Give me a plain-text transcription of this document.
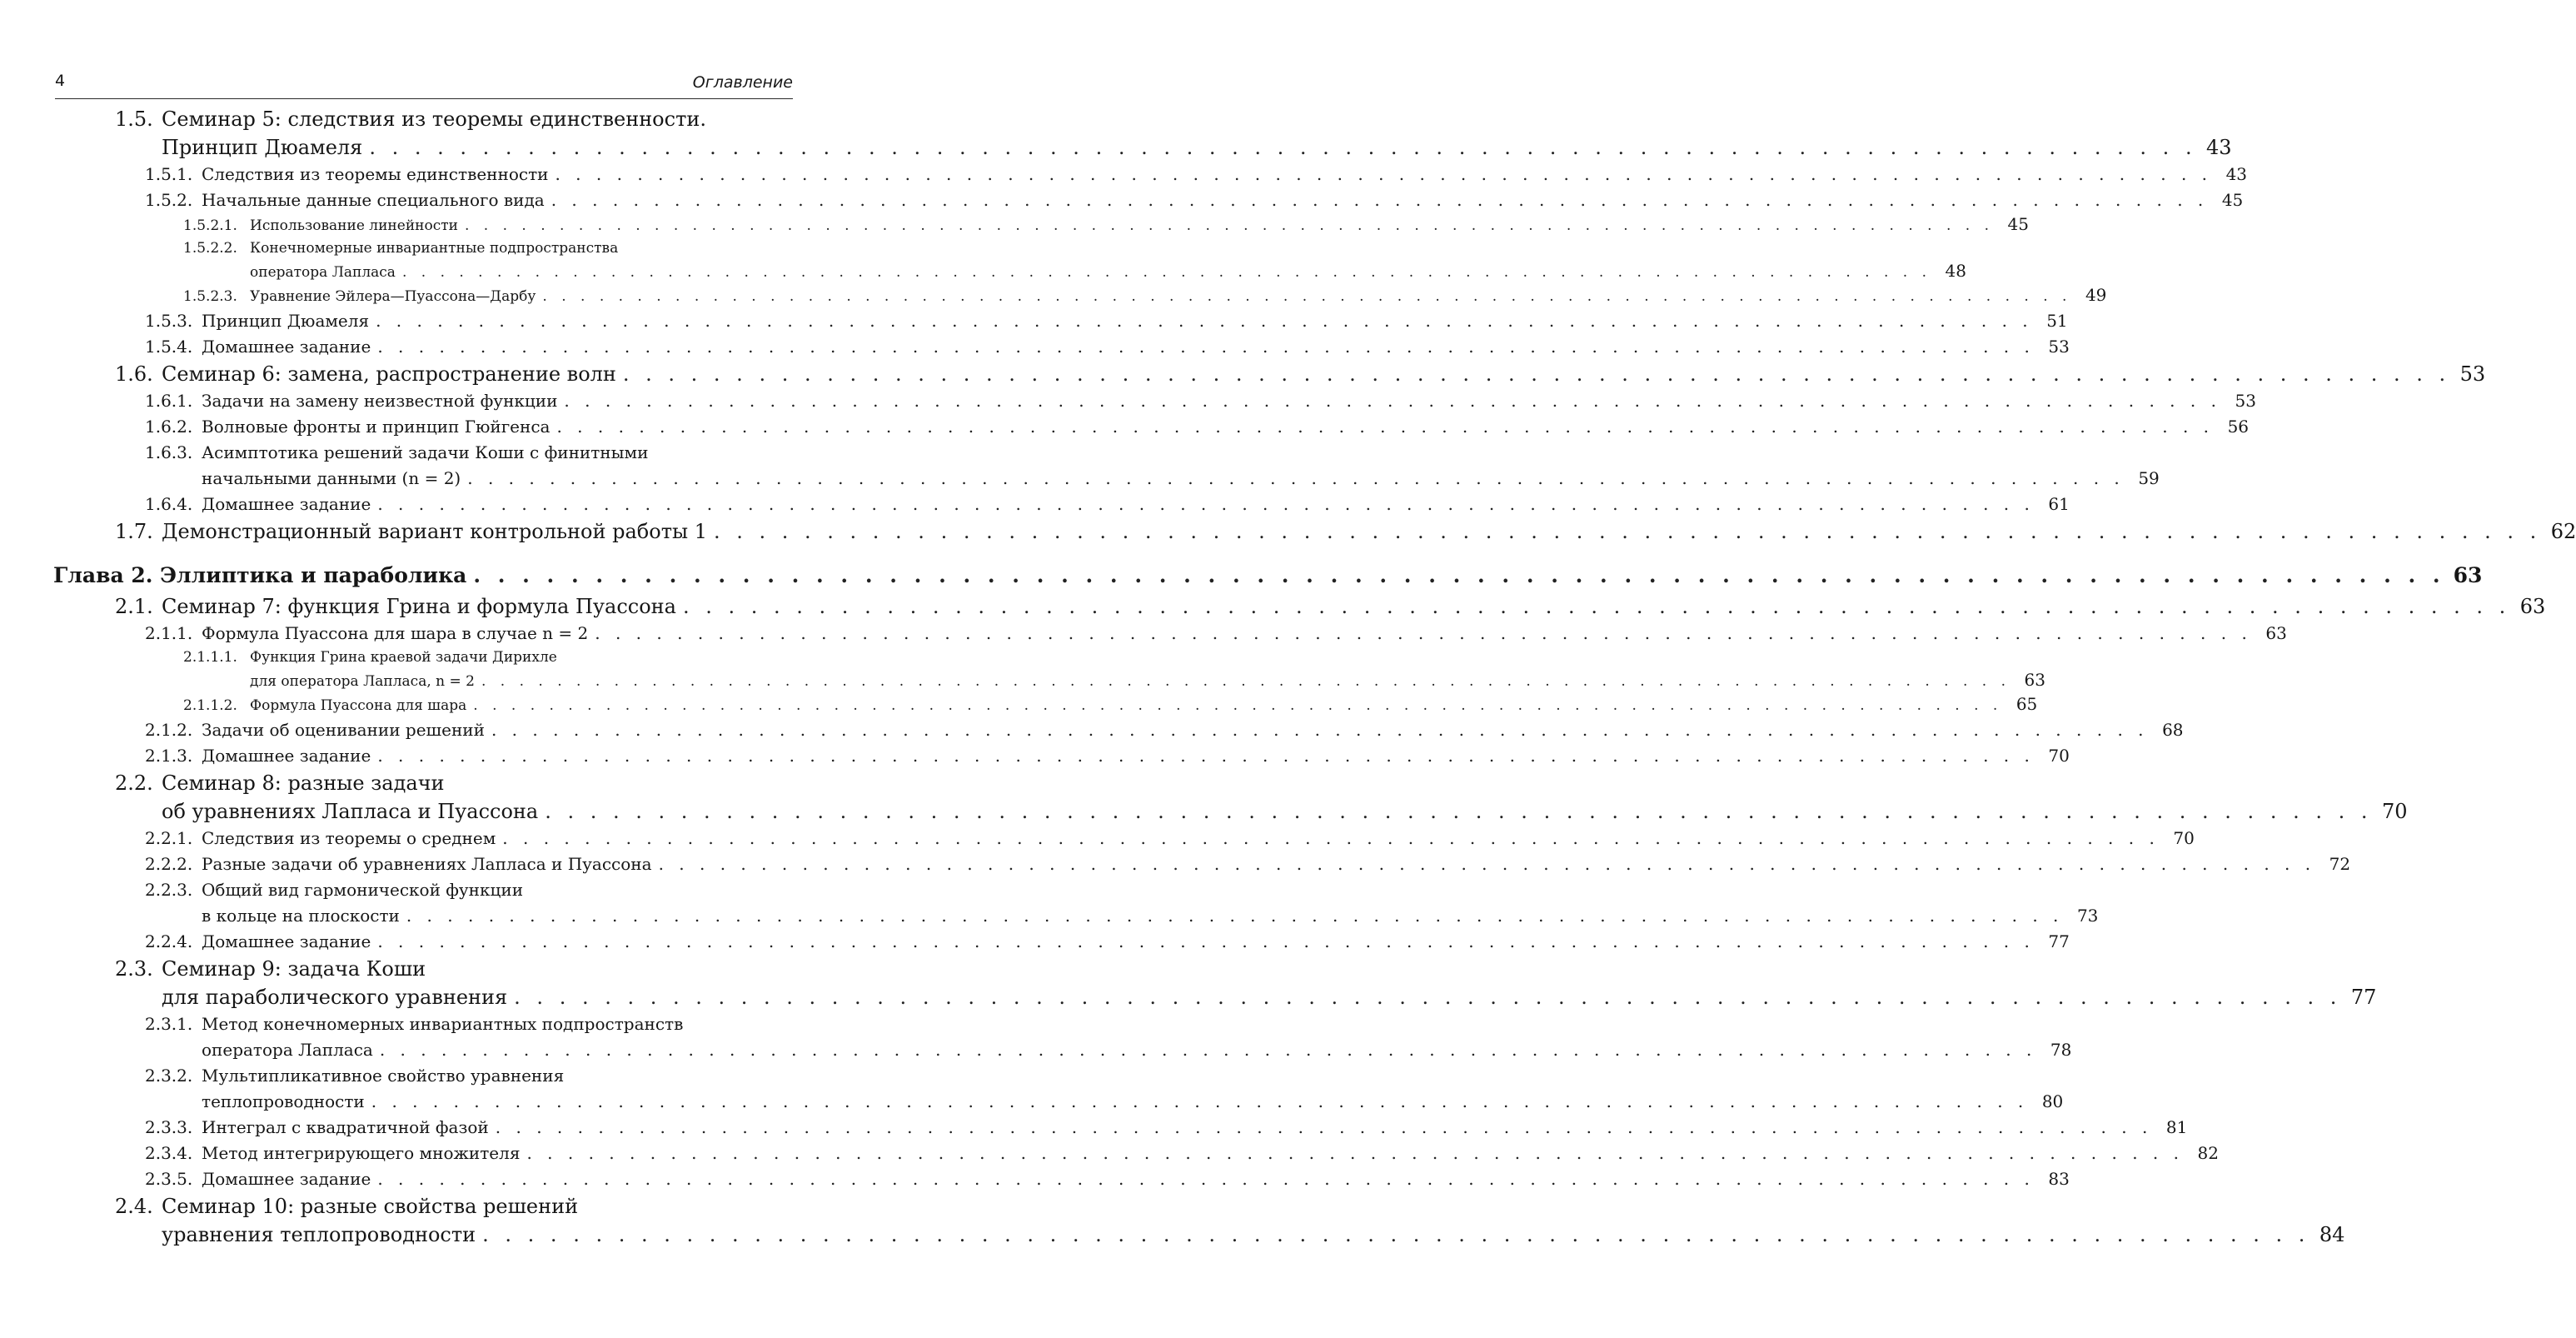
4	Оглавление
1.5. Семинар 5: следствия из теоремы единственности.
Принцип Дюамеля . . . . . . . . . . . . . . . . . . . . . . . . . . . . . . . . . . . . . . . . . . . . . . . . . . . . . . . . . . . . . . . . . . . . . . . . . . . . . . . . . 43
1.5.1. Следствия из теоремы единственности . . . . . . . . . . . . . . . . . . . . . . . . . . . . . . . . . . . . . . . . . . . . . . . . . . . . . . . . . . . . . . . . . . . . . . . . . . . . . . . . . 43
1.5.2. Начальные данные специального вида . . . . . . . . . . . . . . . . . . . . . . . . . . . . . . . . . . . . . . . . . . . . . . . . . . . . . . . . . . . . . . . . . . . . . . . . . . . . . . . . . 45
1.5.2.1. Использование линейности . . . . . . . . . . . . . . . . . . . . . . . . . . . . . . . . . . . . . . . . . . . . . . . . . . . . . . . . . . . . . . . . . . . . . . . . . . . . . . . . . 45
1.5.2.2. Конечномерные инвариантные подпространства
оператора Лапласа . . . . . . . . . . . . . . . . . . . . . . . . . . . . . . . . . . . . . . . . . . . . . . . . . . . . . . . . . . . . . . . . . . . . . . . . . . . . . . . . . 48
1.5.2.3. Уравнение Эйлера—Пуассона—Дарбу . . . . . . . . . . . . . . . . . . . . . . . . . . . . . . . . . . . . . . . . . . . . . . . . . . . . . . . . . . . . . . . . . . . . . . . . . . . . . . . . . 49
1.5.3. Принцип Дюамеля . . . . . . . . . . . . . . . . . . . . . . . . . . . . . . . . . . . . . . . . . . . . . . . . . . . . . . . . . . . . . . . . . . . . . . . . . . . . . . . . . 51
1.5.4. Домашнее задание . . . . . . . . . . . . . . . . . . . . . . . . . . . . . . . . . . . . . . . . . . . . . . . . . . . . . . . . . . . . . . . . . . . . . . . . . . . . . . . . . 53
1.6. Семинар 6: замена, распространение волн . . . . . . . . . . . . . . . . . . . . . . . . . . . . . . . . . . . . . . . . . . . . . . . . . . . . . . . . . . . . . . . . . . . . . . . . . . . . . . . . . 53
1.6.1. Задачи на замену неизвестной функции . . . . . . . . . . . . . . . . . . . . . . . . . . . . . . . . . . . . . . . . . . . . . . . . . . . . . . . . . . . . . . . . . . . . . . . . . . . . . . . . . 53
1.6.2. Волновые фронты и принцип Гюйгенса . . . . . . . . . . . . . . . . . . . . . . . . . . . . . . . . . . . . . . . . . . . . . . . . . . . . . . . . . . . . . . . . . . . . . . . . . . . . . . . . . 56
1.6.3. Асимптотика решений задачи Коши с финитными
начальными данными (n = 2) . . . . . . . . . . . . . . . . . . . . . . . . . . . . . . . . . . . . . . . . . . . . . . . . . . . . . . . . . . . . . . . . . . . . . . . . . . . . . . . . . 59
1.6.4. Домашнее задание . . . . . . . . . . . . . . . . . . . . . . . . . . . . . . . . . . . . . . . . . . . . . . . . . . . . . . . . . . . . . . . . . . . . . . . . . . . . . . . . . 61
1.7. Демонстрационный вариант контрольной работы 1 . . . . . . . . . . . . . . . . . . . . . . . . . . . . . . . . . . . . . . . . . . . . . . . . . . . . . . . . . . . . . . . . . . . . . . . . . . . . . . . . . 62
Глава 2. Эллиптика и параболика . . . . . . . . . . . . . . . . . . . . . . . . . . . . . . . . . . . . . . . . . . . . . . . . . . . . . . . . . . . . . . . . . . . . . . . . . . . . . . . . . 63
2.1. Семинар 7: функция Грина и формула Пуассона . . . . . . . . . . . . . . . . . . . . . . . . . . . . . . . . . . . . . . . . . . . . . . . . . . . . . . . . . . . . . . . . . . . . . . . . . . . . . . . . . 63
2.1.1. Формула Пуассона для шара в случае n = 2 . . . . . . . . . . . . . . . . . . . . . . . . . . . . . . . . . . . . . . . . . . . . . . . . . . . . . . . . . . . . . . . . . . . . . . . . . . . . . . . . . 63
2.1.1.1. Функция Грина краевой задачи Дирихле
для оператора Лапласа, n = 2 . . . . . . . . . . . . . . . . . . . . . . . . . . . . . . . . . . . . . . . . . . . . . . . . . . . . . . . . . . . . . . . . . . . . . . . . . . . . . . . . . 63
2.1.1.2. Формула Пуассона для шара . . . . . . . . . . . . . . . . . . . . . . . . . . . . . . . . . . . . . . . . . . . . . . . . . . . . . . . . . . . . . . . . . . . . . . . . . . . . . . . . . 65
2.1.2. Задачи об оценивании решений . . . . . . . . . . . . . . . . . . . . . . . . . . . . . . . . . . . . . . . . . . . . . . . . . . . . . . . . . . . . . . . . . . . . . . . . . . . . . . . . . 68
2.1.3. Домашнее задание . . . . . . . . . . . . . . . . . . . . . . . . . . . . . . . . . . . . . . . . . . . . . . . . . . . . . . . . . . . . . . . . . . . . . . . . . . . . . . . . . 70
2.2. Семинар 8: разные задачи
об уравнениях Лапласа и Пуассона . . . . . . . . . . . . . . . . . . . . . . . . . . . . . . . . . . . . . . . . . . . . . . . . . . . . . . . . . . . . . . . . . . . . . . . . . . . . . . . . . 70
2.2.1. Следствия из теоремы о среднем . . . . . . . . . . . . . . . . . . . . . . . . . . . . . . . . . . . . . . . . . . . . . . . . . . . . . . . . . . . . . . . . . . . . . . . . . . . . . . . . . 70
2.2.2. Разные задачи об уравнениях Лапласа и Пуассона . . . . . . . . . . . . . . . . . . . . . . . . . . . . . . . . . . . . . . . . . . . . . . . . . . . . . . . . . . . . . . . . . . . . . . . . . . . . . . . . . 72
2.2.3. Общий вид гармонической функции
в кольце на плоскости . . . . . . . . . . . . . . . . . . . . . . . . . . . . . . . . . . . . . . . . . . . . . . . . . . . . . . . . . . . . . . . . . . . . . . . . . . . . . . . . . 73
2.2.4. Домашнее задание . . . . . . . . . . . . . . . . . . . . . . . . . . . . . . . . . . . . . . . . . . . . . . . . . . . . . . . . . . . . . . . . . . . . . . . . . . . . . . . . . 77
2.3. Семинар 9: задача Коши
для параболического уравнения . . . . . . . . . . . . . . . . . . . . . . . . . . . . . . . . . . . . . . . . . . . . . . . . . . . . . . . . . . . . . . . . . . . . . . . . . . . . . . . . . 77
2.3.1. Метод конечномерных инвариантных подпространств
оператора Лапласа . . . . . . . . . . . . . . . . . . . . . . . . . . . . . . . . . . . . . . . . . . . . . . . . . . . . . . . . . . . . . . . . . . . . . . . . . . . . . . . . . 78
2.3.2. Мультипликативное свойство уравнения
теплопроводности . . . . . . . . . . . . . . . . . . . . . . . . . . . . . . . . . . . . . . . . . . . . . . . . . . . . . . . . . . . . . . . . . . . . . . . . . . . . . . . . . 80
2.3.3. Интеграл с квадратичной фазой . . . . . . . . . . . . . . . . . . . . . . . . . . . . . . . . . . . . . . . . . . . . . . . . . . . . . . . . . . . . . . . . . . . . . . . . . . . . . . . . . 81
2.3.4. Метод интегрирующего множителя . . . . . . . . . . . . . . . . . . . . . . . . . . . . . . . . . . . . . . . . . . . . . . . . . . . . . . . . . . . . . . . . . . . . . . . . . . . . . . . . . 82
2.3.5. Домашнее задание . . . . . . . . . . . . . . . . . . . . . . . . . . . . . . . . . . . . . . . . . . . . . . . . . . . . . . . . . . . . . . . . . . . . . . . . . . . . . . . . . 83
2.4. Семинар 10: разные свойства решений
уравнения теплопроводности . . . . . . . . . . . . . . . . . . . . . . . . . . . . . . . . . . . . . . . . . . . . . . . . . . . . . . . . . . . . . . . . . . . . . . . . . . . . . . . . . 84
